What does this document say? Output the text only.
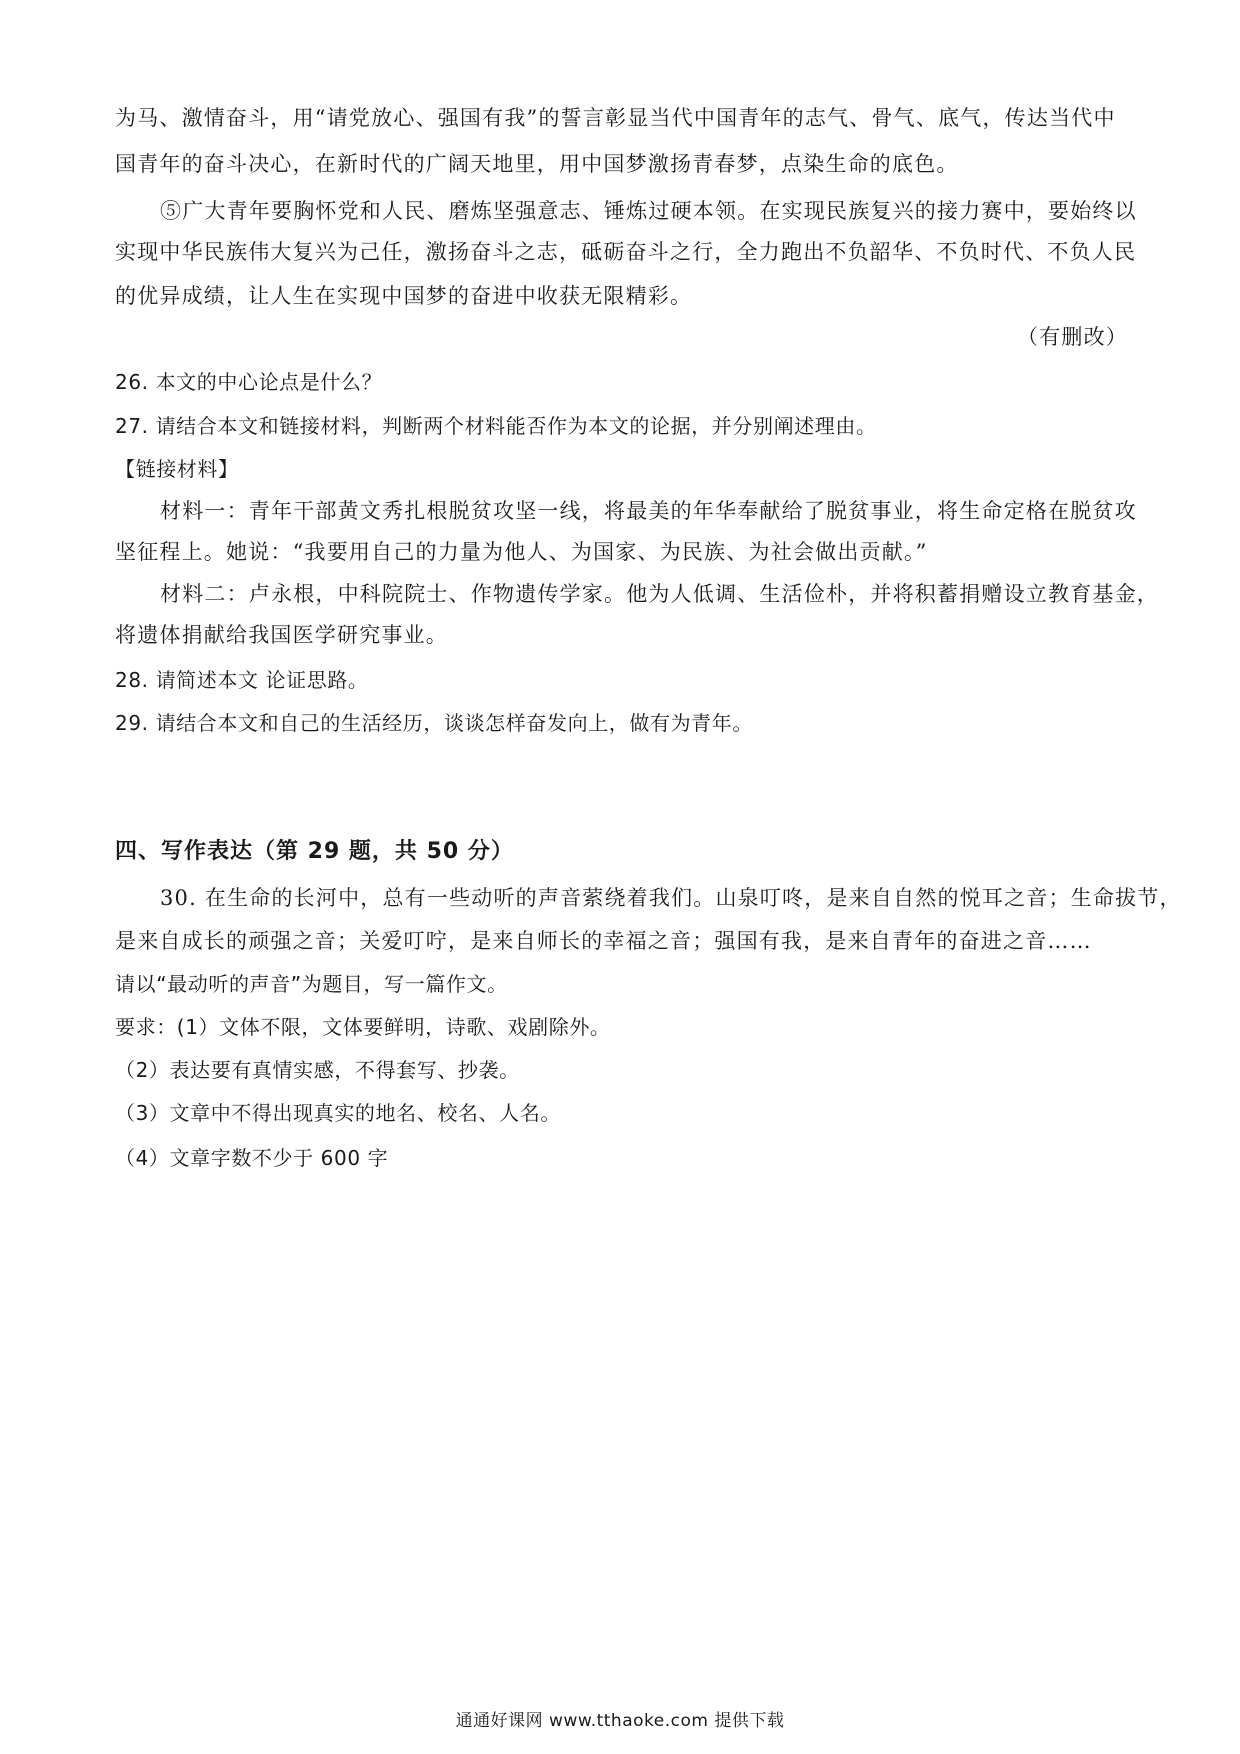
为马、激情奋斗，用“请党放心、强国有我”的誓言彰显当代中国青年的志气、骨气、底气，传达当代中
国青年的奋斗决心，在新时代的广阔天地里，用中国梦激扬青春梦，点染生命的底色。
⑤广大青年要胸怀党和人民、磨炼坚强意志、锤炼过硬本领。在实现民族复兴的接力赛中，要始终以
实现中华民族伟大复兴为己任，激扬奋斗之志，砥砺奋斗之行，全力跑出不负韶华、不负时代、不负人民
的优异成绩，让人生在实现中国梦的奋进中收获无限精彩。
（有删改）
26. 本文的中心论点是什么？
27. 请结合本文和链接材料，判断两个材料能否作为本文的论据，并分别阐述理由。
【链接材料】
材料一：青年干部黄文秀扎根脱贫攻坚一线，将最美的年华奉献给了脱贫事业，将生命定格在脱贫攻
坚征程上。她说：“我要用自己的力量为他人、为国家、为民族、为社会做出贡献。”
材料二：卢永根，中科院院士、作物遗传学家。他为人低调、生活俭朴，并将积蓄捐赠设立教育基金，
将遗体捐献给我国医学研究事业。
28. 请简述本文 论证思路。
29. 请结合本文和自己的生活经历，谈谈怎样奋发向上，做有为青年。
四、写作表达（第 29 题，共 50 分）
30. 在生命的长河中，总有一些动听的声音萦绕着我们。山泉叮咚，是来自自然的悦耳之音；生命拔节，
是来自成长的顽强之音；关爱叮咛，是来自师长的幸福之音；强国有我，是来自青年的奋进之音……
请以“最动听的声音”为题目，写一篇作文。
要求：(1）文体不限，文体要鲜明，诗歌、戏剧除外。
（2）表达要有真情实感，不得套写、抄袭。
（3）文章中不得出现真实的地名、校名、人名。
（4）文章字数不少于 600 字
通通好课网 www.tthaoke.com 提供下载
